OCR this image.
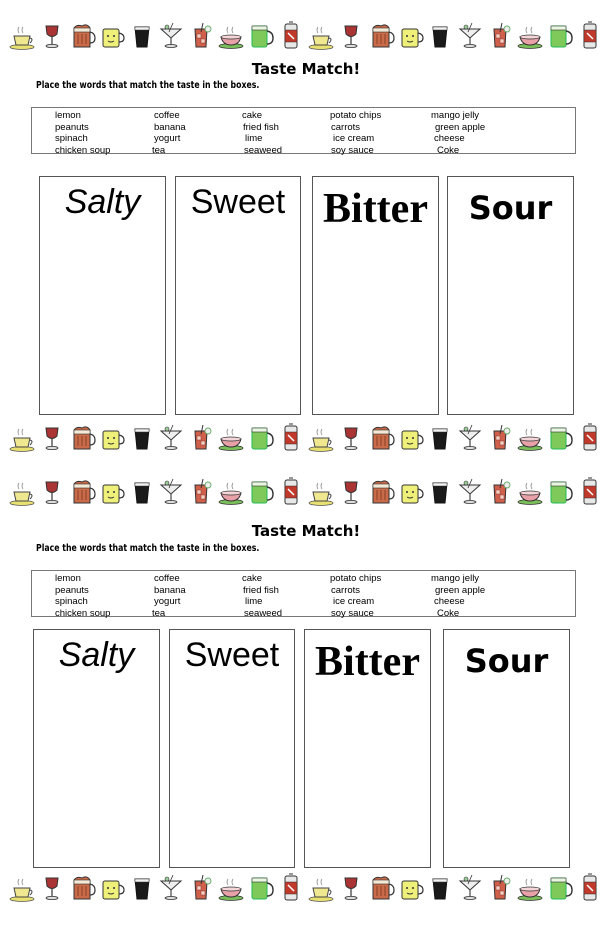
Taste Match!
Place the words that match the taste in the boxes.
lemon
peanuts
spinach
chicken soup
coffee
banana
yogurt
tea
cake
fried fish
lime
seaweed
potato chips
carrots
ice cream
soy sauce
mango jelly
green apple
cheese
Coke
Salty	Sweet Bitter	Sour
Taste Match!
Place the words that match the taste in the boxes.
lemon
peanuts
spinach
chicken soup
coffee
banana
yogurt
tea
cake
fried fish
lime
seaweed
potato chips
carrots
ice cream
soy sauce
mango jelly
green apple
cheese
Coke
Salty	Sweet Bitter	Sour
